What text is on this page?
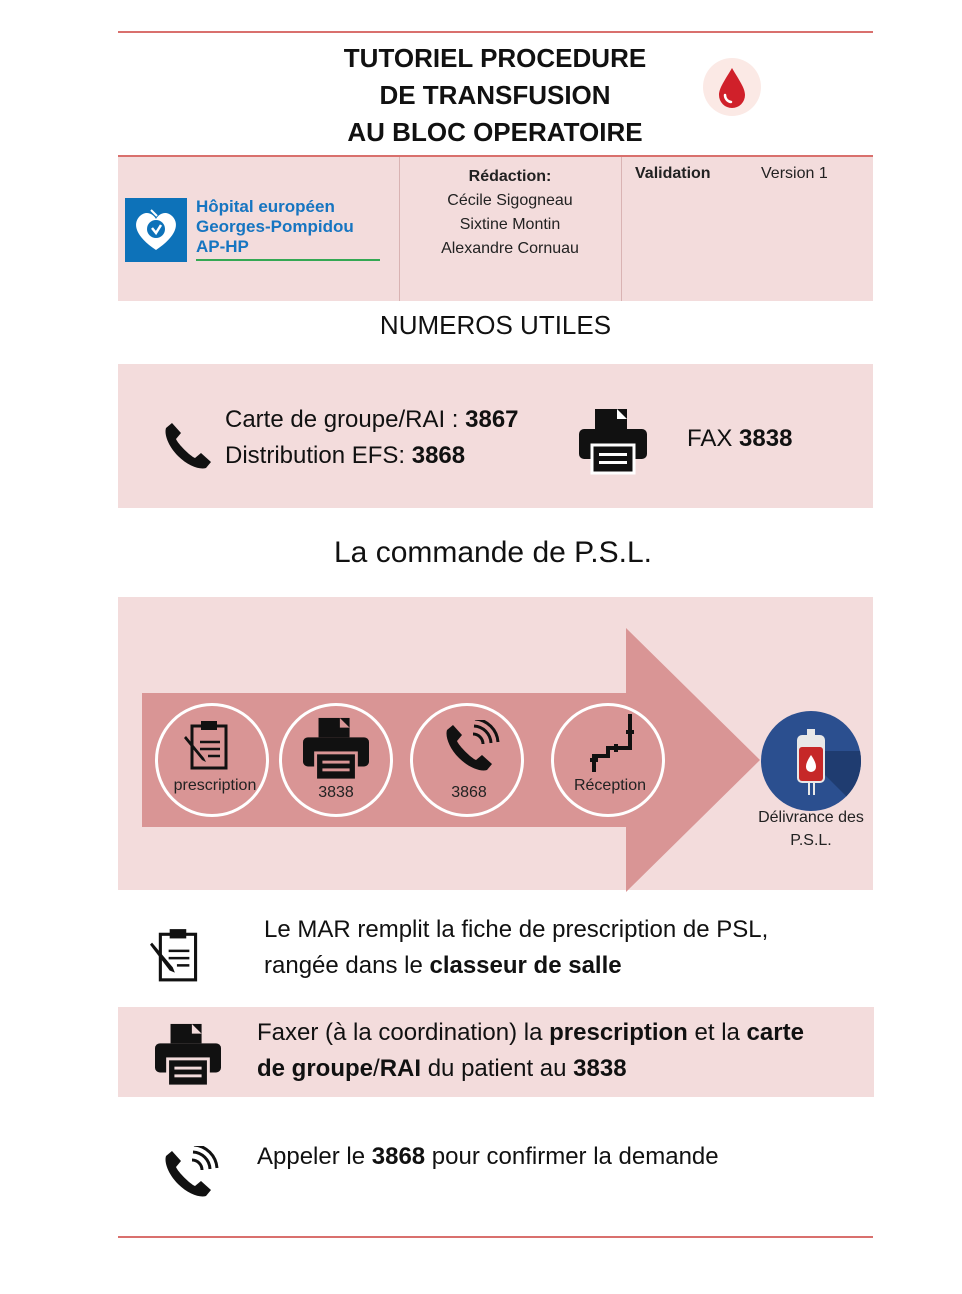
TUTORIEL PROCEDURE
DE TRANSFUSION
AU BLOC OPERATOIRE
Hôpital européen
Georges-Pompidou
AP-HP
Rédaction:
Cécile Sigogneau
Sixtine Montin
Alexandre Cornuau
Validation	Version 1
NUMEROS UTILES
Carte de groupe/RAI : 3867
Distribution EFS: 3868
FAX 3838
La commande de P.S.L.
prescription	3838	3868	Réception
Délivrance des
P.S.L.
Le MAR remplit la fiche de prescription de PSL,
rangée dans le classeur de salle
Faxer (à la coordination) la prescription et la carte
de groupe/RAI du patient au 3838
Appeler le 3868 pour confirmer la demande
